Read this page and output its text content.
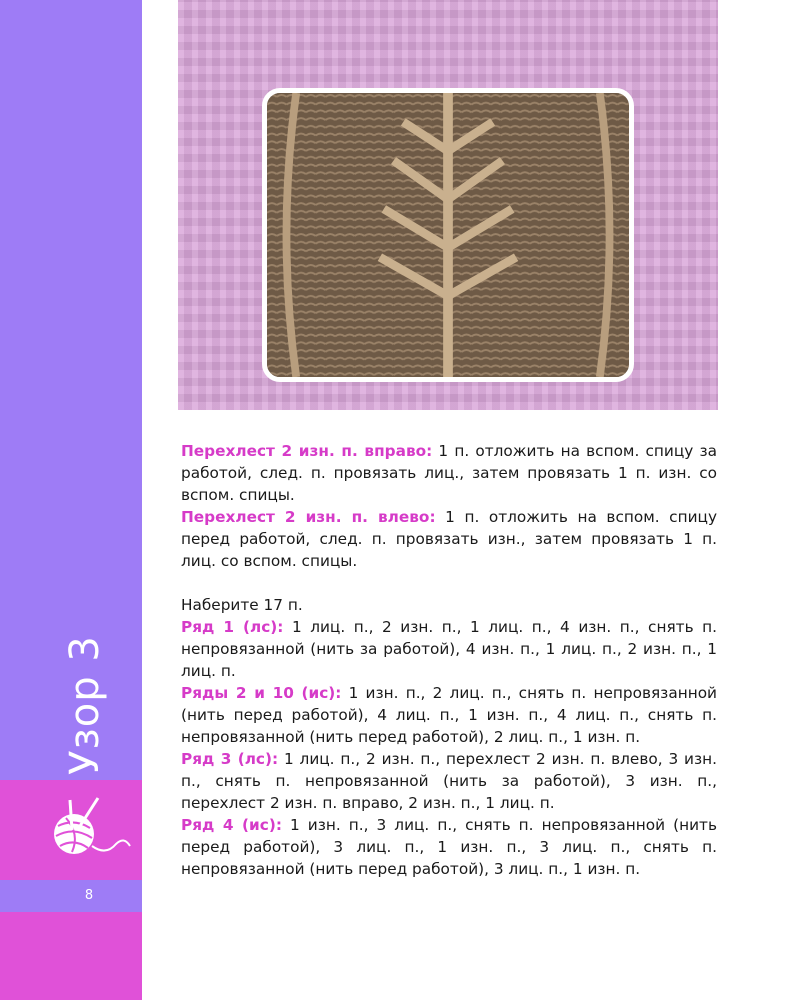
Узор 3
8

Перехлест 2 изн. п. вправо: 1 п. отложить на вспом. спицу за работой, след. п. провязать лиц., затем провязать 1 п. изн. со вспом. спицы.

Перехлест 2 изн. п. влево: 1 п. отложить на вспом. спицу перед работой, след. п. провязать изн., затем провязать 1 п. лиц. со вспом. спицы.

Наберите 17 п.

Ряд 1 (лс): 1 лиц. п., 2 изн. п., 1 лиц. п., 4 изн. п., снять п. непровязанной (нить за работой), 4 изн. п., 1 лиц. п., 2 изн. п., 1 лиц. п.

Ряды 2 и 10 (ис): 1 изн. п., 2 лиц. п., снять п. непровязанной (нить перед работой), 4 лиц. п., 1 изн. п., 4 лиц. п., снять п. непровязанной (нить перед работой), 2 лиц. п., 1 изн. п.

Ряд 3 (лс): 1 лиц. п., 2 изн. п., перехлест 2 изн. п. влево, 3 изн. п., снять п. непровязанной (нить за работой), 3 изн. п., перехлест 2 изн. п. вправо, 2 изн. п., 1 лиц. п.

Ряд 4 (ис): 1 изн. п., 3 лиц. п., снять п. непровязанной (нить перед работой), 3 лиц. п., 1 изн. п., 3 лиц. п., снять п. непровязанной (нить перед работой), 3 лиц. п., 1 изн. п.
